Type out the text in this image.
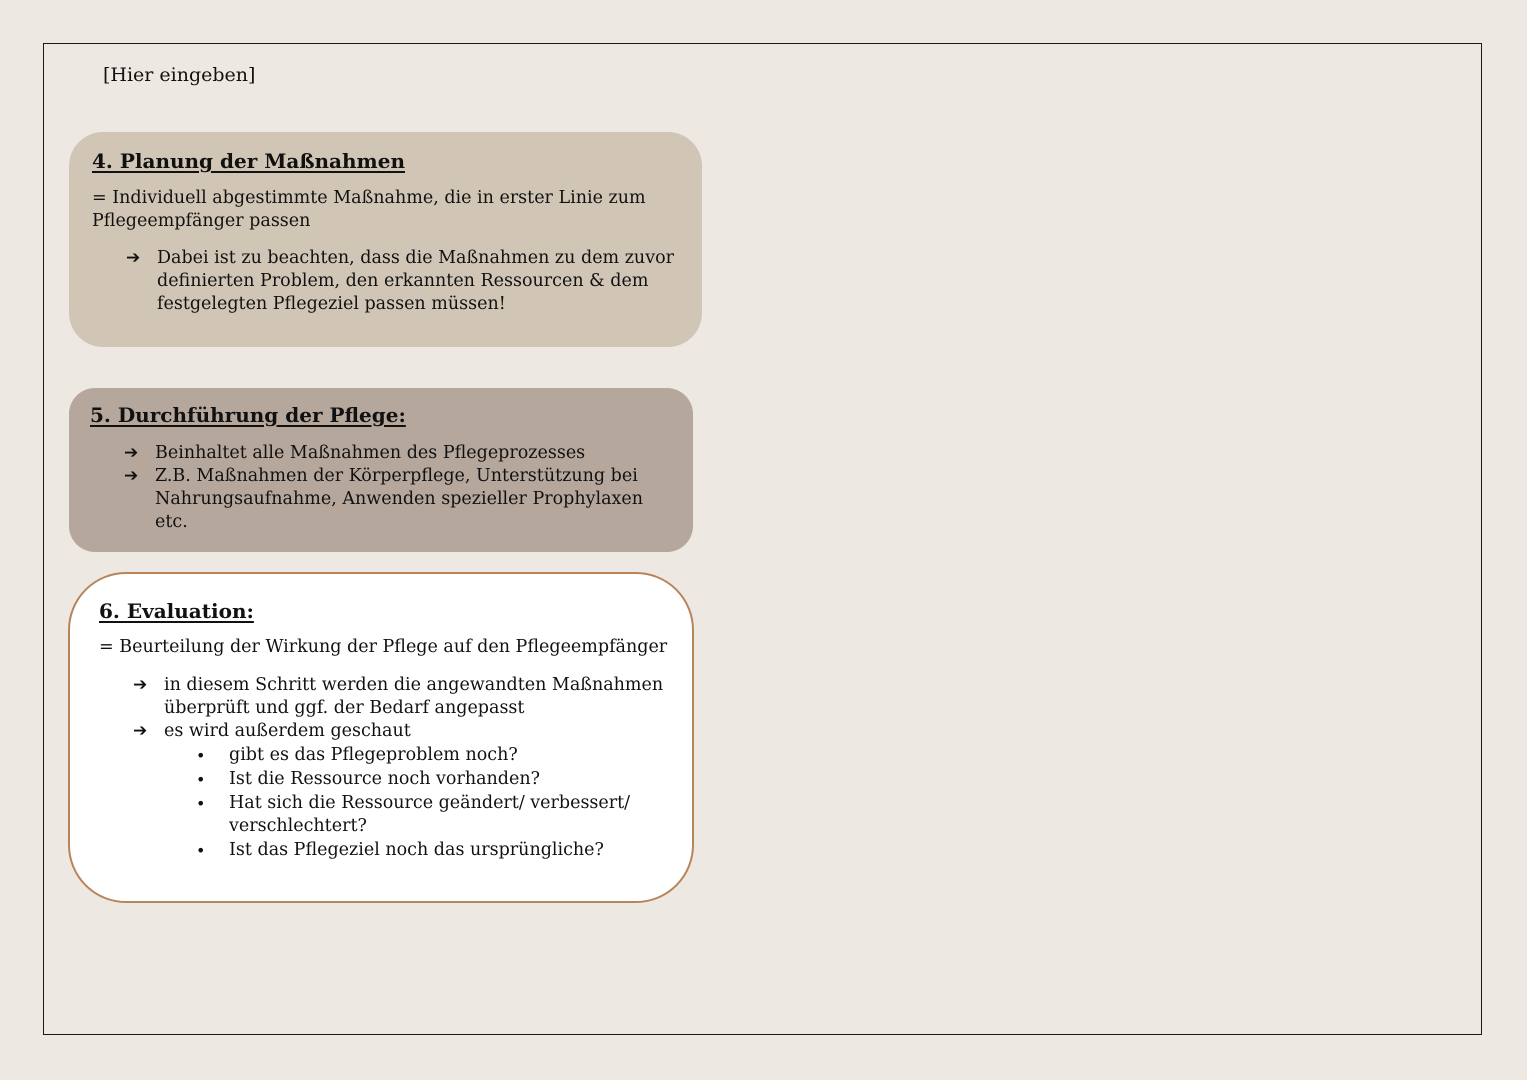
[Hier eingeben]
4. Planung der Maßnahmen

= Individuell abgestimmte Maßnahme, die in erster Linie zum
Pflegeempfänger passen

➔ Dabei ist zu beachten, dass die Maßnahmen zu dem zuvor
definierten Problem, den erkannten Ressourcen & dem
festgelegten Pflegeziel passen müssen!
5. Durchführung der Pflege:
➔ Beinhaltet alle Maßnahmen des Pflegeprozesses
➔ Z.B. Maßnahmen der Körperpflege, Unterstützung bei
Nahrungsaufnahme, Anwenden spezieller Prophylaxen
etc.
6. Evaluation:

= Beurteilung der Wirkung der Pflege auf den Pflegeempfänger

➔ in diesem Schritt werden die angewandten Maßnahmen
überprüft und ggf. der Bedarf angepasst
➔ es wird außerdem geschaut
• gibt es das Pflegeproblem noch?
• Ist die Ressource noch vorhanden?
• Hat sich die Ressource geändert/ verbessert/
verschlechtert?
• Ist das Pflegeziel noch das ursprüngliche?
